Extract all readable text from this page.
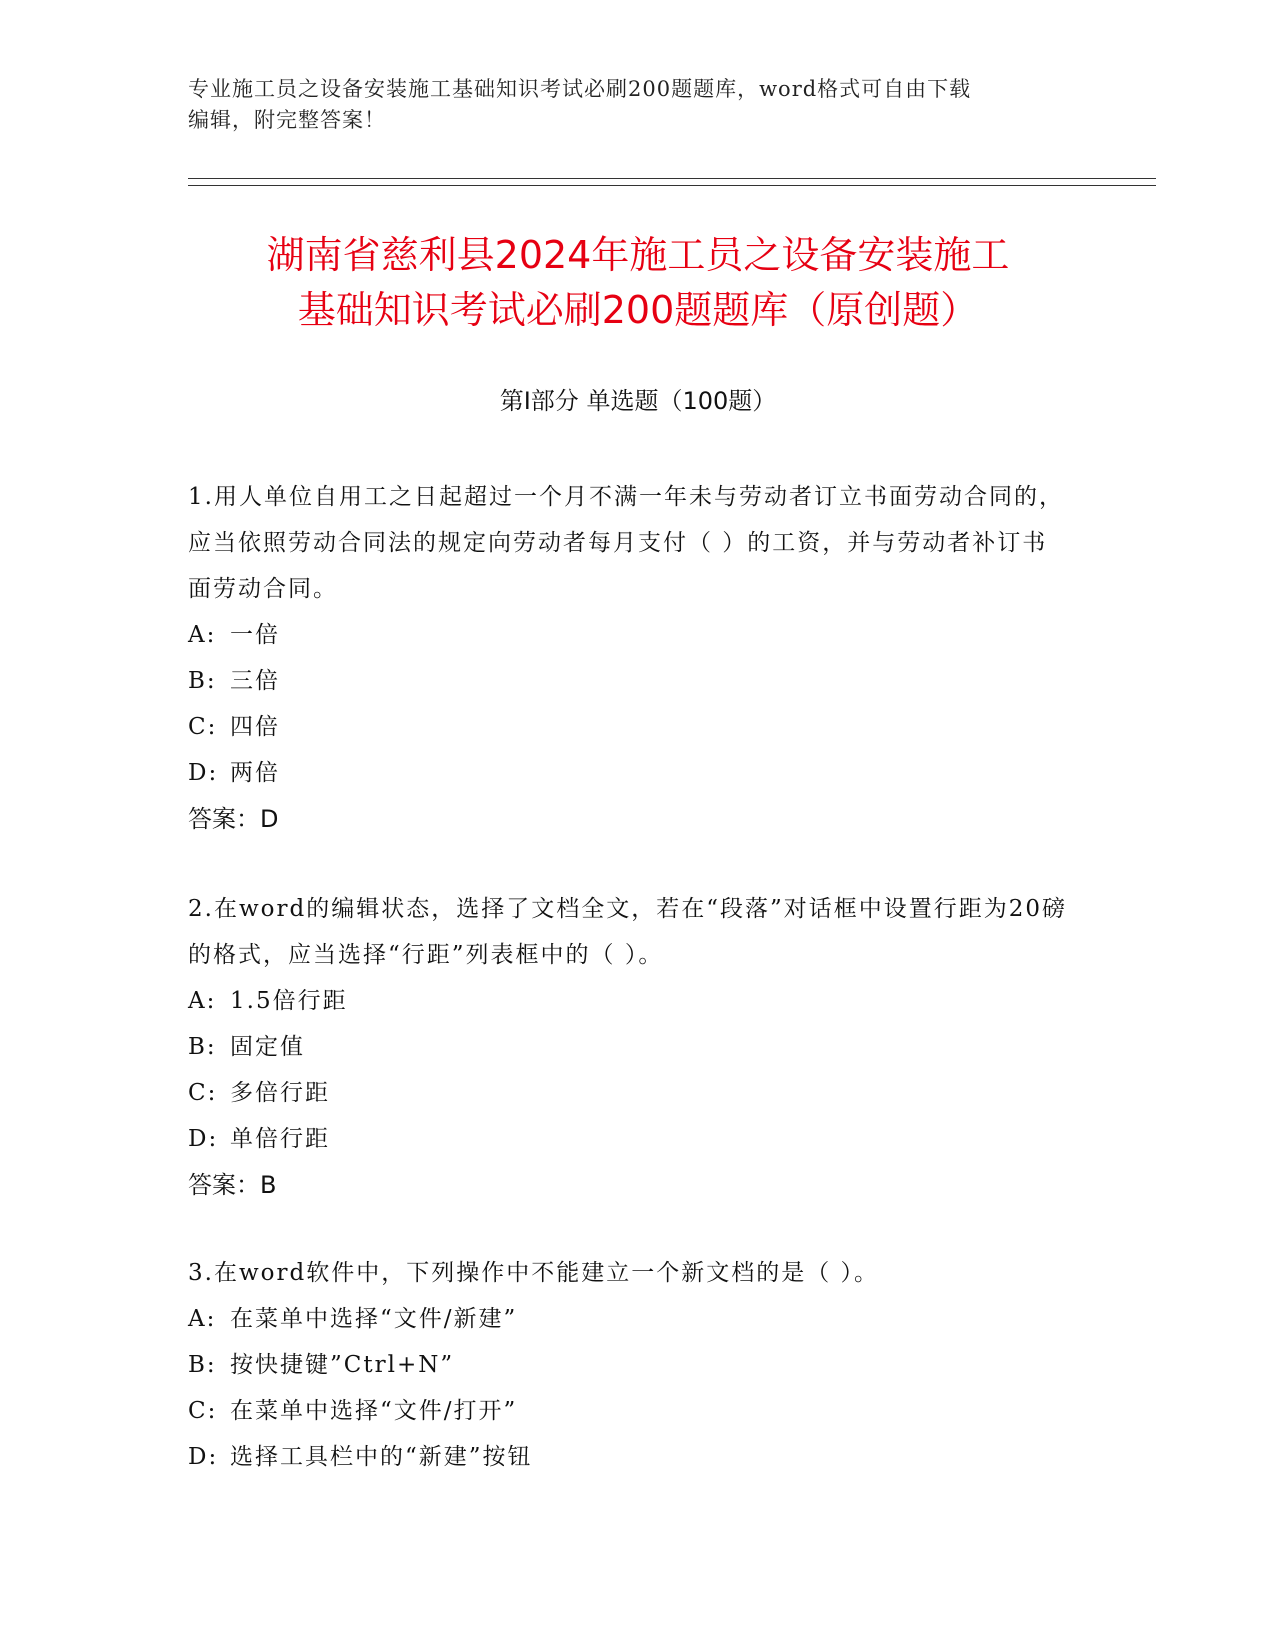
专业施工员之设备安装施工基础知识考试必刷200题题库，word格式可自由下载
编辑，附完整答案！
湖南省慈利县2024年施工员之设备安装施工
基础知识考试必刷200题题库（原创题）
第Ⅰ部分 单选题（100题）

1.用人单位自用工之日起超过一个月不满一年未与劳动者订立书面劳动合同的，应当依照劳动合同法的规定向劳动者每月支付（ ）的工资，并与劳动者补订书面劳动合同。

A: 一倍
B: 三倍
C: 四倍
D: 两倍
答案：D

2.在word的编辑状态，选择了文档全文，若在“段落”对话框中设置行距为20磅的格式，应当选择“行距”列表框中的（ ）。

A: 1.5倍行距
B: 固定值
C: 多倍行距
D: 单倍行距
答案：B

3.在word软件中，下列操作中不能建立一个新文档的是（ ）。

A: 在菜单中选择“文件/新建”
B: 按快捷键”Ctrl+N”
C: 在菜单中选择“文件/打开”
D: 选择工具栏中的“新建”按钮
